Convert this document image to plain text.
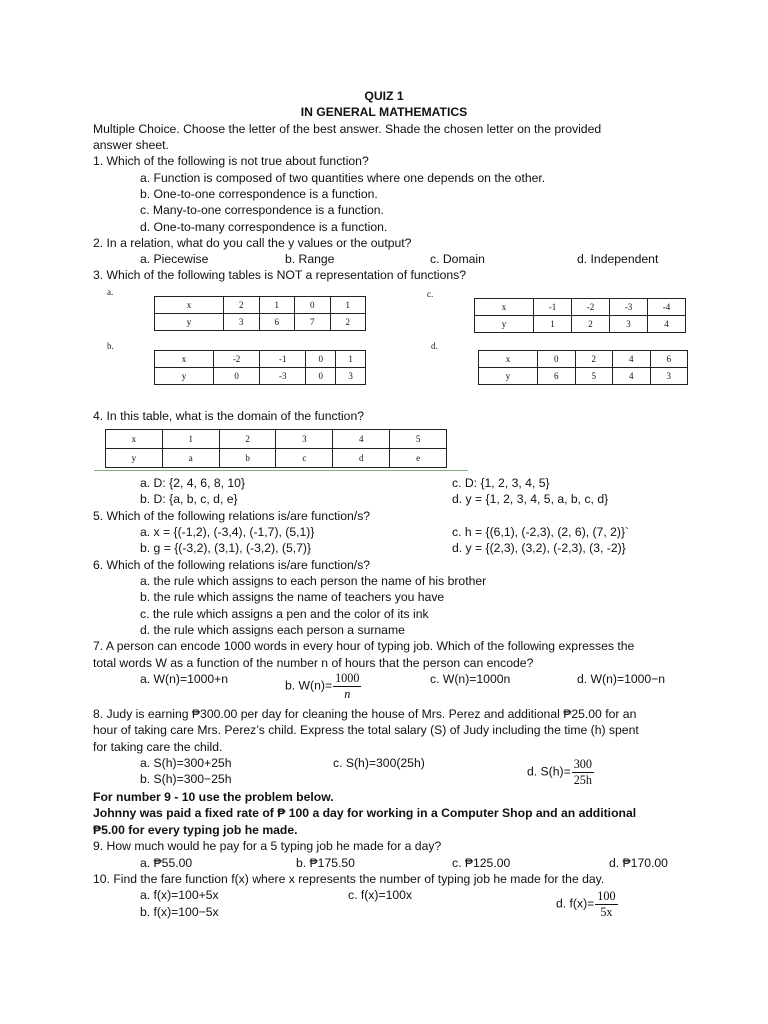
QUIZ 1
IN GENERAL MATHEMATICS
Multiple Choice. Choose the letter of the best answer. Shade the chosen letter on the provided
answer sheet.
1. Which of the following is not true about function?
a. Function is composed of two quantities where one depends on the other.
b. One-to-one correspondence is a function.
c. Many-to-one correspondence is a function.
d. One-to-many correspondence is a function.
2. In a relation, what do you call the y values or the output?
a. Piecewise	b. Range	c. Domain	d. Independent
3. Which of the following tables is NOT a representation of functions?
a.	c.
b.	d.
x	2	1	0	1
y	3	6	7	2
x	-1	-2	-3	-4
y	1	2	3	4
x	-2	-1	0	1
y	0	-3	0	3
x	0	2	4	6
y	6	5	4	3
4. In this table, what is the domain of the function?
x	1	2	3	4	5
y	a	b	c	d	e
a. D: {2, 4, 6, 8, 10}	c. D: {1, 2, 3, 4, 5}
b. D: {a, b, c, d, e}	d. y = {1, 2, 3, 4, 5, a, b, c, d}
5. Which of the following relations is/are function/s?
a. x = {(-1,2), (-3,4), (-1,7), (5,1)}	c. h = {(6,1), (-2,3), (2, 6), (7, 2)}`
b. g = {(-3,2), (3,1), (-3,2), (5,7)}	d. y = {(2,3), (3,2), (-2,3), (3, -2)}
6. Which of the following relations is/are function/s?
a. the rule which assigns to each person the name of his brother
b. the rule which assigns the name of teachers you have
c. the rule which assigns a pen and the color of its ink
d. the rule which assigns each person a surname
7. A person can encode 1000 words in every hour of typing job. Which of the following expresses the
total words W as a function of the number n of hours that the person can encode?
a. W(n)=1000+n	b. $W(n)= \frac{1000}{n}$	c. W(n)=1000n	d. W(n)=1000−n
8. Judy is earning ₱300.00 per day for cleaning the house of Mrs. Perez and additional ₱25.00 for an
hour of taking care Mrs. Perez’s child. Express the total salary (S) of Judy including the time (h) spent
for taking care the child.
a. S(h)=300+25h	c. S(h)=300(25h)
d. $S(h)= \frac{300}{25h}$
b. S(h)=300−25h
For number 9 - 10 use the problem below.
Johnny was paid a fixed rate of ₱ 100 a day for working in a Computer Shop and an additional
₱5.00 for every typing job he made.
9. How much would he pay for a 5 typing job he made for a day?
a. ₱55.00	b. ₱175.50	c. ₱125.00	d. ₱170.00
10. Find the fare function f(x) where x represents the number of typing job he made for the day.
a. f(x)=100+5x	c. f(x)=100x
d. $f(x)= \frac{100}{5x}$
b. f(x)=100−5x
